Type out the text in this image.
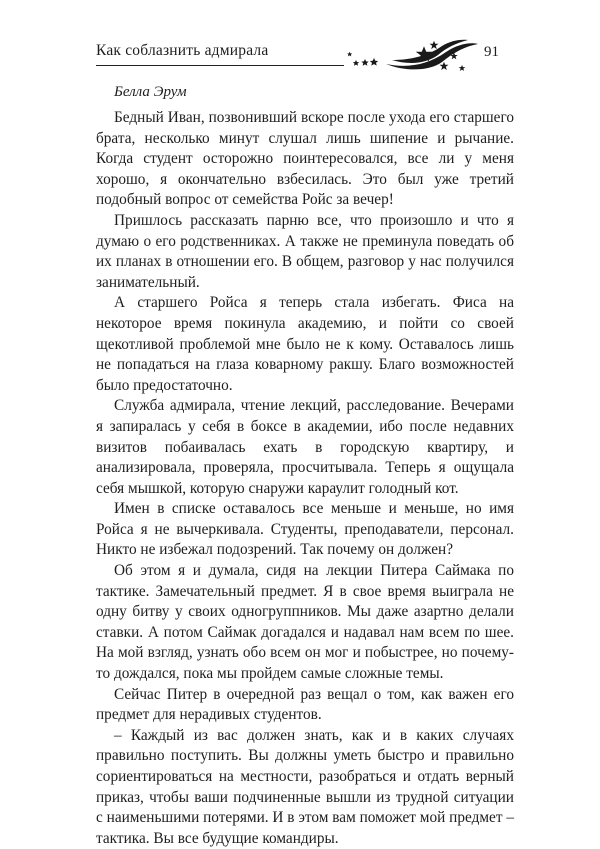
Как соблазнить адмирала	91
Белла Эрум

Бедный Иван, позвонивший вскоре после ухода его старшего брата, несколько минут слушал лишь шипение и рычание. Когда студент осторожно поинтересовался, все ли у меня хорошо, я окончательно взбесилась. Это был уже третий подобный вопрос от семейства Ройс за вечер!

Пришлось рассказать парню все, что произошло и что я думаю о его родственниках. А также не преминула поведать об их планах в отношении его. В общем, разговор у нас получился занимательный.

А старшего Ройса я теперь стала избегать. Фиса на некоторое время покинула академию, и пойти со своей щекотливой проблемой мне было не к кому. Оставалось лишь не попадаться на глаза коварному ракшу. Благо возможностей было предостаточно.

Служба адмирала, чтение лекций, расследование. Вечерами я запиралась у себя в боксе в академии, ибо после недавних визитов побаивалась ехать в городскую квартиру, и анализировала, проверяла, просчитывала. Теперь я ощущала себя мышкой, которую снаружи караулит голодный кот.

Имен в списке оставалось все меньше и меньше, но имя Ройса я не вычеркивала. Студенты, преподаватели, персонал. Никто не избежал подозрений. Так почему он должен?

Об этом я и думала, сидя на лекции Питера Саймака по тактике. Замечательный предмет. Я в свое время выиграла не одну битву у своих одногруппников. Мы даже азартно делали ставки. А потом Саймак догадался и надавал нам всем по шее. На мой взгляд, узнать обо всем он мог и побыстрее, но почему-то дождался, пока мы пройдем самые сложные темы.

Сейчас Питер в очередной раз вещал о том, как важен его предмет для нерадивых студентов.

– Каждый из вас должен знать, как и в каких случаях правильно поступить. Вы должны уметь быстро и правильно сориентироваться на местности, разобраться и отдать верный приказ, чтобы ваши подчиненные вышли из трудной ситуации с наименьшими потерями. И в этом вам поможет мой предмет – тактика. Вы все будущие командиры.
